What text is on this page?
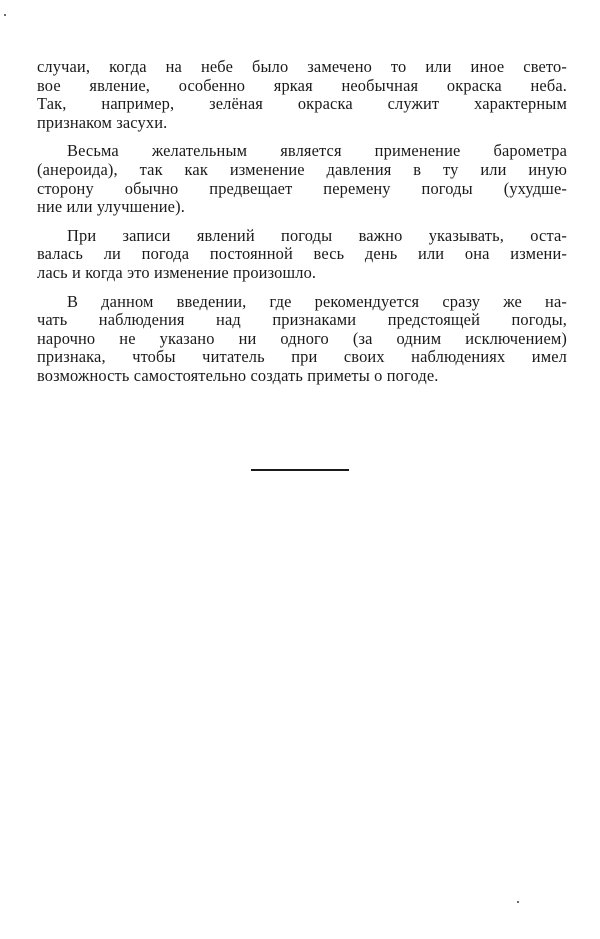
случаи, когда на небе было замечено то или иное свето-
вое явление, особенно яркая необычная окраска неба.
Так, например, зелёная окраска служит характерным
признаком засухи.

Весьма желательным является применение барометра
(анероида), так как изменение давления в ту или иную
сторону обычно предвещает перемену погоды (ухудше-
ние или улучшение).

При записи явлений погоды важно указывать, оста-
валась ли погода постоянной весь день или она измени-
лась и когда это изменение произошло.

В данном введении, где рекомендуется сразу же на-
чать наблюдения над признаками предстоящей погоды,
нарочно не указано ни одного (за одним исключением)
признака, чтобы читатель при своих наблюдениях имел
возможность самостоятельно создать приметы о погоде.
